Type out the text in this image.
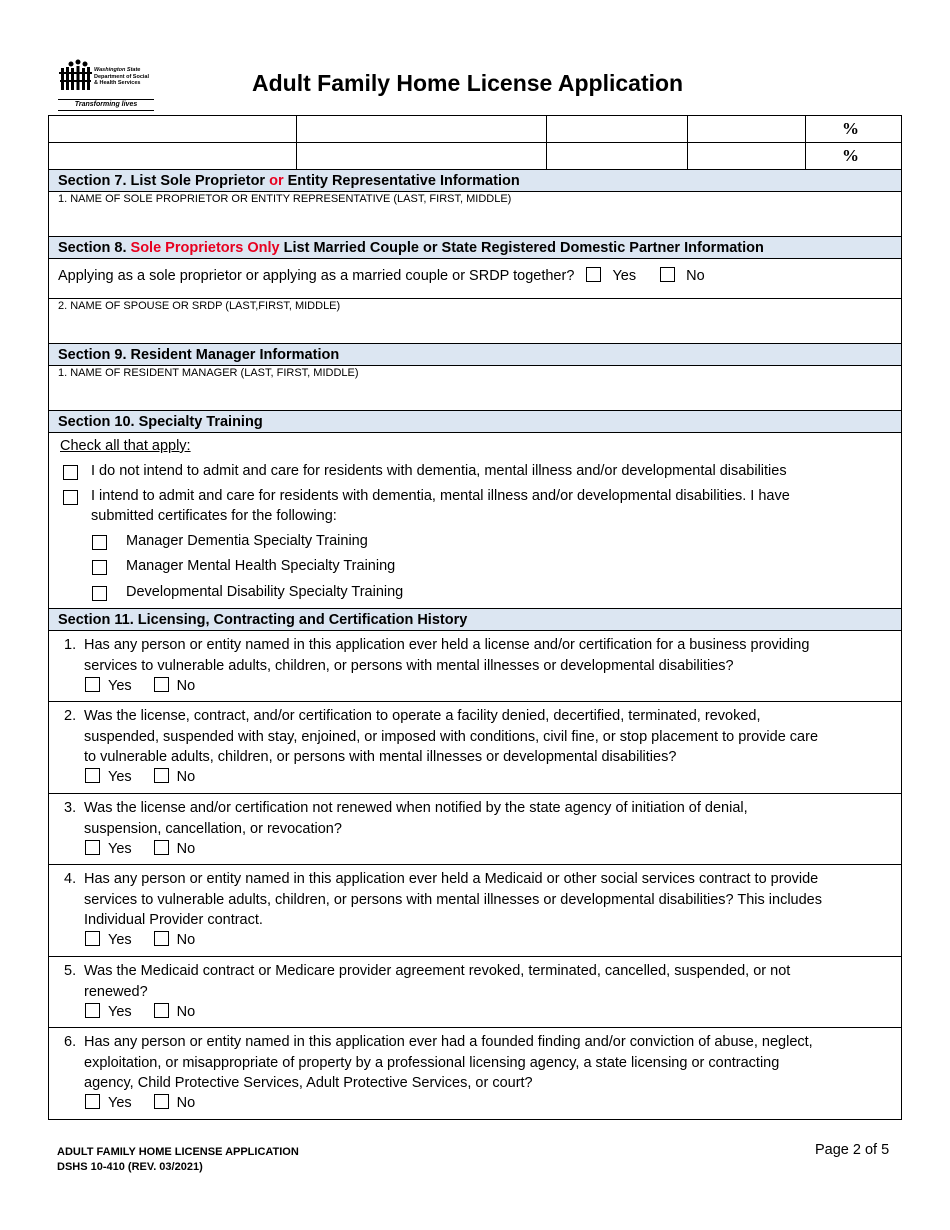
Washington State
Department of Social
& Health Services
Transforming lives
Adult Family Home License Application
%
%
Section 7. List Sole Proprietor or Entity Representative Information
1. NAME OF SOLE PROPRIETOR OR ENTITY REPRESENTATIVE (LAST, FIRST, MIDDLE)
Section 8. Sole Proprietors Only List Married Couple or State Registered Domestic Partner Information
Applying as a sole proprietor or applying as a married couple or SRDP together?	Yes	No
2. NAME OF SPOUSE OR SRDP (LAST,FIRST, MIDDLE)
Section 9. Resident Manager Information
1. NAME OF RESIDENT MANAGER (LAST, FIRST, MIDDLE)
Section 10. Specialty Training
Check all that apply:
I do not intend to admit and care for residents with dementia, mental illness and/or developmental disabilities
I intend to admit and care for residents with dementia, mental illness and/or developmental disabilities. I have
submitted certificates for the following:
Manager Dementia Specialty Training
Manager Mental Health Specialty Training
Developmental Disability Specialty Training
Section 11. Licensing, Contracting and Certification History
1. Has any person or entity named in this application ever held a license and/or certification for a business providing
services to vulnerable adults, children, or persons with mental illnesses or developmental disabilities?
Yes	No
2. Was the license, contract, and/or certification to operate a facility denied, decertified, terminated, revoked,
suspended, suspended with stay, enjoined, or imposed with conditions, civil fine, or stop placement to provide care
to vulnerable adults, children, or persons with mental illnesses or developmental disabilities?
Yes	No
3. Was the license and/or certification not renewed when notified by the state agency of initiation of denial,
suspension, cancellation, or revocation?
Yes	No
4. Has any person or entity named in this application ever held a Medicaid or other social services contract to provide
services to vulnerable adults, children, or persons with mental illnesses or developmental disabilities? This includes
Individual Provider contract.
Yes	No
5. Was the Medicaid contract or Medicare provider agreement revoked, terminated, cancelled, suspended, or not
renewed?
Yes	No
6. Has any person or entity named in this application ever had a founded finding and/or conviction of abuse, neglect,
exploitation, or misappropriate of property by a professional licensing agency, a state licensing or contracting
agency, Child Protective Services, Adult Protective Services, or court?
Yes	No
ADULT FAMILY HOME LICENSE APPLICATION
DSHS 10-410 (REV. 03/2021)
Page 2 of 5
